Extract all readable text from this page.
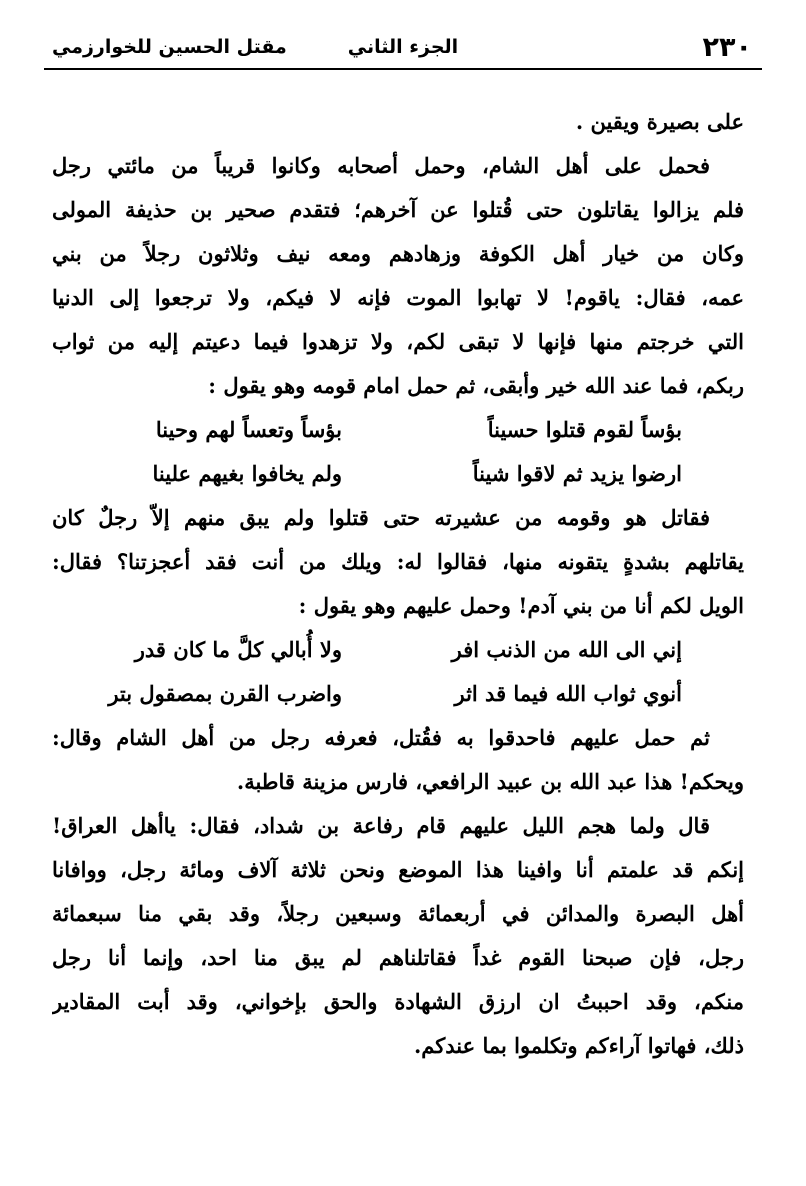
٢٣٠
الجزء الثاني
مقتل الحسين للخوارزمي
على بصيرة ويقين .
فحمل على أهل الشام، وحمل أصحابه وكانوا قريباً من مائتي رجل
فلم يزالوا يقاتلون حتى قُتلوا عن آخرهم؛ فتقدم صحير بن حذيفة المولى
وكان من خيار أهل الكوفة وزهادهم ومعه نيف وثلاثون رجلاً من بني
عمه، فقال: ياقوم! لا تهابوا الموت فإنه لا فيكم، ولا ترجعوا إلى الدنيا
التي خرجتم منها فإنها لا تبقى لكم، ولا تزهدوا فيما دعيتم إليه من ثواب
ربكم، فما عند الله خير وأبقى، ثم حمل امام قومه وهو يقول :
بؤساً لقوم قتلوا حسيناً
بؤساً وتعساً لهم وحينا
ارضوا يزيد ثم لاقوا شيناً
ولم يخافوا بغيهم علينا
فقاتل هو وقومه من عشيرته حتى قتلوا ولم يبق منهم إلاّ رجلٌ كان
يقاتلهم بشدةٍ يتقونه منها، فقالوا له: ويلك من أنت فقد أعجزتنا؟ فقال:
الويل لكم أنا من بني آدم! وحمل عليهم وهو يقول :
إني الى الله من الذنب افر
ولا أُبالي كلَّ ما كان قدر
أنوي ثواب الله فيما قد اثر
واضرب القرن بمصقول بتر
ثم حمل عليهم فاحدقوا به فقُتل، فعرفه رجل من أهل الشام وقال:
ويحكم! هذا عبد الله بن عبيد الرافعي، فارس مزينة قاطبة.
قال ولما هجم الليل عليهم قام رفاعة بن شداد، فقال: ياأهل العراق!
إنكم قد علمتم أنا وافينا هذا الموضع ونحن ثلاثة آلاف ومائة رجل، ووافانا
أهل البصرة والمدائن في أربعمائة وسبعين رجلاً، وقد بقي منا سبعمائة
رجل، فإن صبحنا القوم غداً فقاتلناهم لم يبق منا احد، وإنما أنا رجل
منكم، وقد احببتُ ان ارزق الشهادة والحق بإخواني، وقد أبت المقادير
ذلك، فهاتوا آراءكم وتكلموا بما عندكم.
